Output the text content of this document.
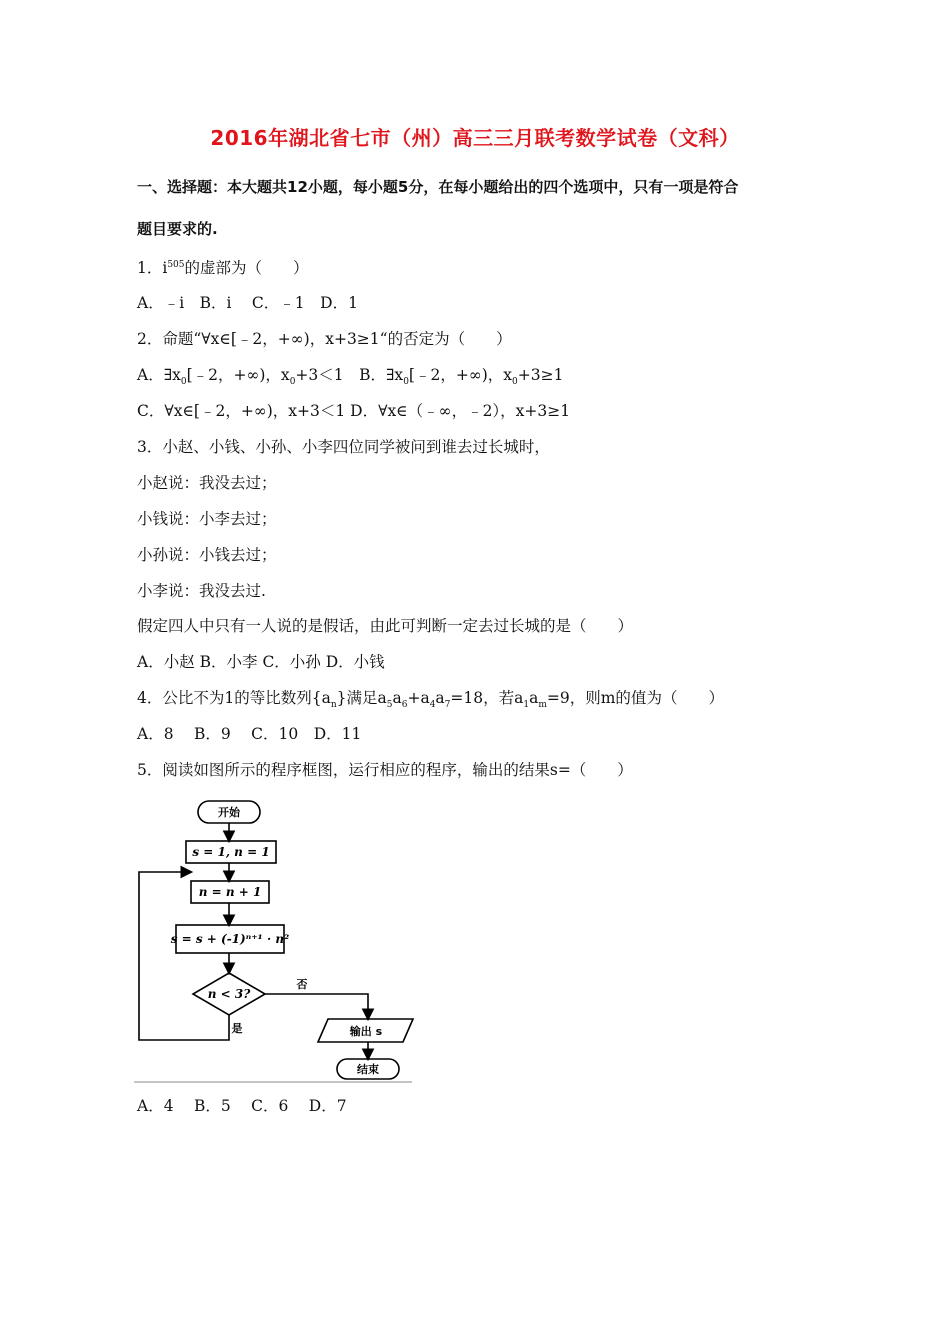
2016年湖北省七市（州）高三三月联考数学试卷（文科）
一、选择题：本大题共12小题，每小题5分，在每小题给出的四个选项中，只有一项是符合
题目要求的.
1．$i^{505}$的虚部为（　　）
A．﹣i　B．i　 C．﹣1　D．1
2．命题“∀x∈[﹣2，+∞)，x+3≥1“的否定为（　　）
A．$\exists x_0[﹣2$，+∞)，$x_0+3<1$　B．$\exists x_0[﹣2$，+∞)，$x_0+3\ge 1$
C．∀x∈[﹣2，+∞)，x+3＜1 D．∀x∈（﹣∞，﹣2），x+3≥1
3．小赵、小钱、小孙、小李四位同学被问到谁去过长城时，
小赵说：我没去过；
小钱说：小李去过；
小孙说：小钱去过；
小李说：我没去过.
假定四人中只有一人说的是假话，由此可判断一定去过长城的是（　　）
A．小赵 B．小李 C．小孙 D．小钱
4．公比不为1的等比数列$\{a_n\}$满足$a_5a_6+a_4a_7=18$，若$a_1a_m=9$，则m的值为（　　）
A．8　 B．9　 C．10　D．11
5．阅读如图所示的程序框图，运行相应的程序，输出的结果s=（　　）
开始
s = 1, n = 1
n = n + 1
s = s + (-1)ⁿ⁺¹ · n²
n < 3?
否
是	输出 s
结束
A．4　 B．5　 C．6　 D．7
